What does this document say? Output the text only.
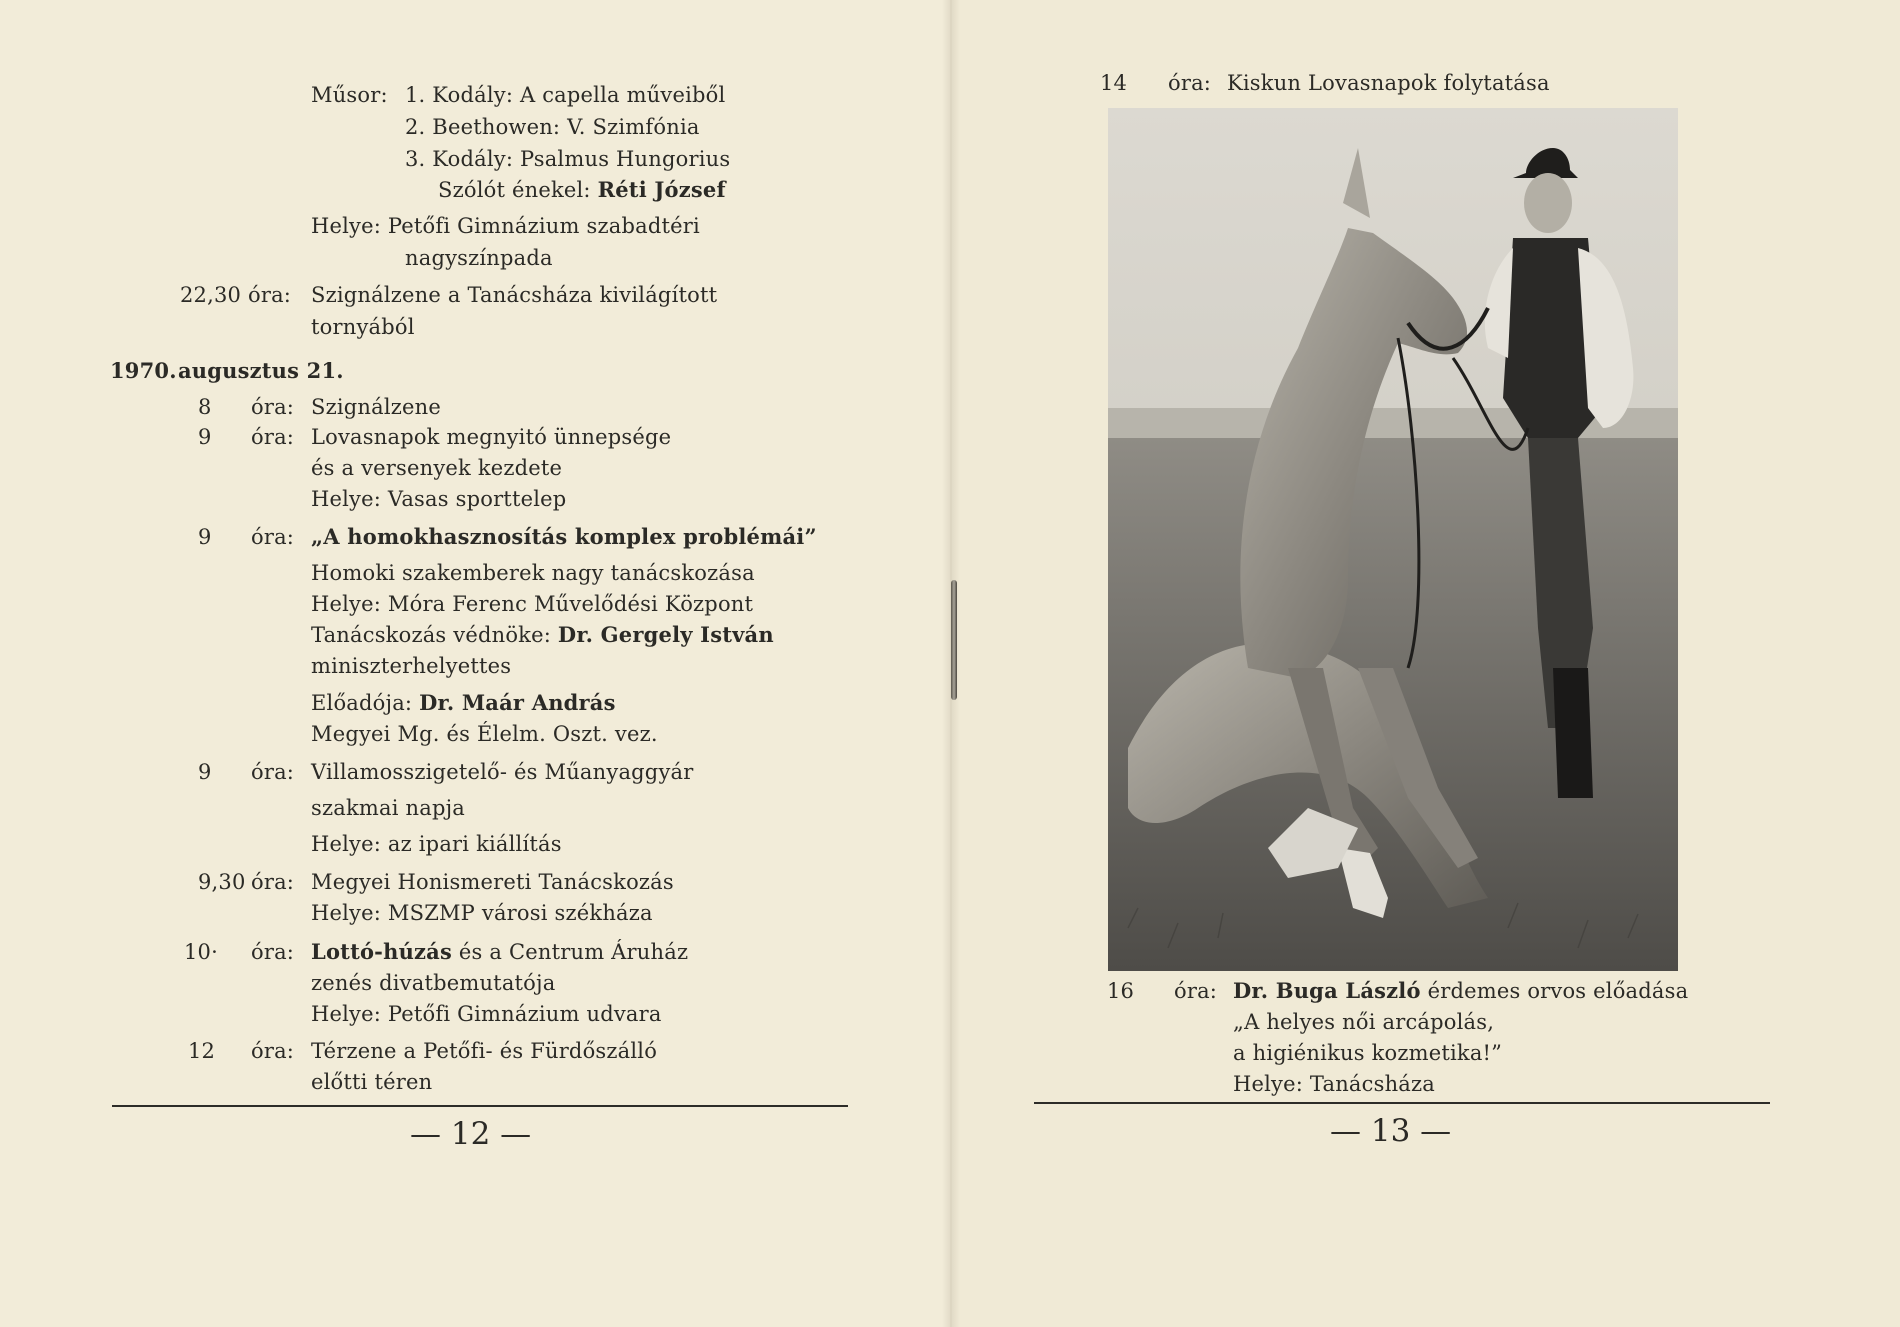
Műsor: 1. Kodály: A capella műveiből
2. Beethowen: V. Szimfónia
3. Kodály: Psalmus Hungorius
Szólót énekel: Réti József
Helye: Petőfi Gimnázium szabadtéri
nagyszínpada
22,30 óra: Szignálzene a Tanácsháza kivilágított
tornyából
1970. augusztus 21.
8 óra: Szignálzene
9 óra: Lovasnapok megnyitó ünnepsége
és a versenyek kezdete
Helye: Vasas sporttelep
9 óra: „A homokhasznosítás komplex problémái”
Homoki szakemberek nagy tanácskozása
Helye: Móra Ferenc Művelődési Központ
Tanácskozás védnöke: Dr. Gergely István
miniszterhelyettes
Előadója: Dr. Maár András
Megyei Mg. és Élelm. Oszt. vez.
9 óra: Villamosszigetelő- és Műanyaggyár
szakmai napja
Helye: az ipari kiállítás
9,30 óra: Megyei Honismereti Tanácskozás
Helye: MSZMP városi székháza
10· óra: Lottó-húzás és a Centrum Áruház
zenés divatbemutatója
Helye: Petőfi Gimnázium udvara
12 óra: Térzene a Petőfi- és Fürdőszálló
előtti téren
— 12 —
14 óra: Kiskun Lovasnapok folytatása
16 óra: Dr. Buga László érdemes orvos előadása
„A helyes női arcápolás,
a higiénikus kozmetika!”
Helye: Tanácsháza
— 13 —
